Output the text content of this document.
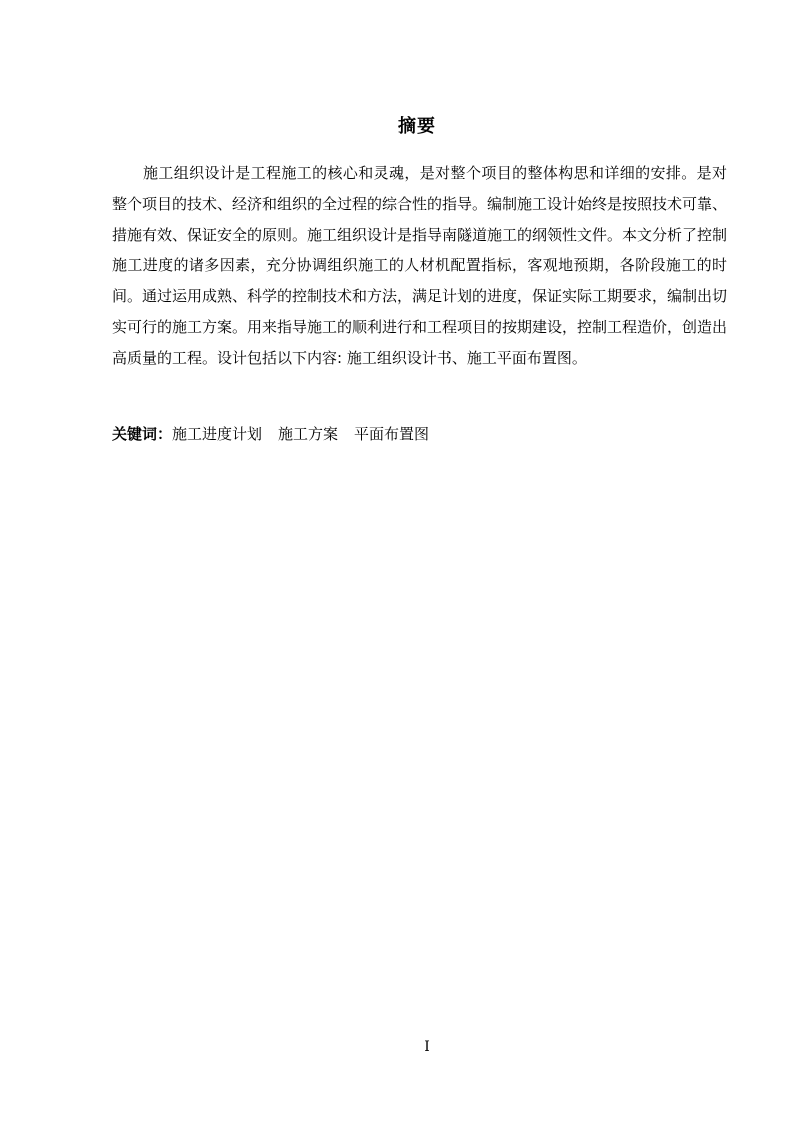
摘要

施工组织设计是工程施工的核心和灵魂，是对整个项目的整体构思和详细的安排。是对整个项目的技术、经济和组织的全过程的综合性的指导。编制施工设计始终是按照技术可靠、措施有效、保证安全的原则。施工组织设计是指导南隧道施工的纲领性文件。本文分析了控制施工进度的诸多因素，充分协调组织施工的人材机配置指标，客观地预期，各阶段施工的时间。通过运用成熟、科学的控制技术和方法，满足计划的进度，保证实际工期要求，编制出切实可行的施工方案。用来指导施工的顺利进行和工程项目的按期建设，控制工程造价，创造出高质量的工程。设计包括以下内容: 施工组织设计书、施工平面布置图。

关键词：施工进度计划 施工方案 平面布置图
I
